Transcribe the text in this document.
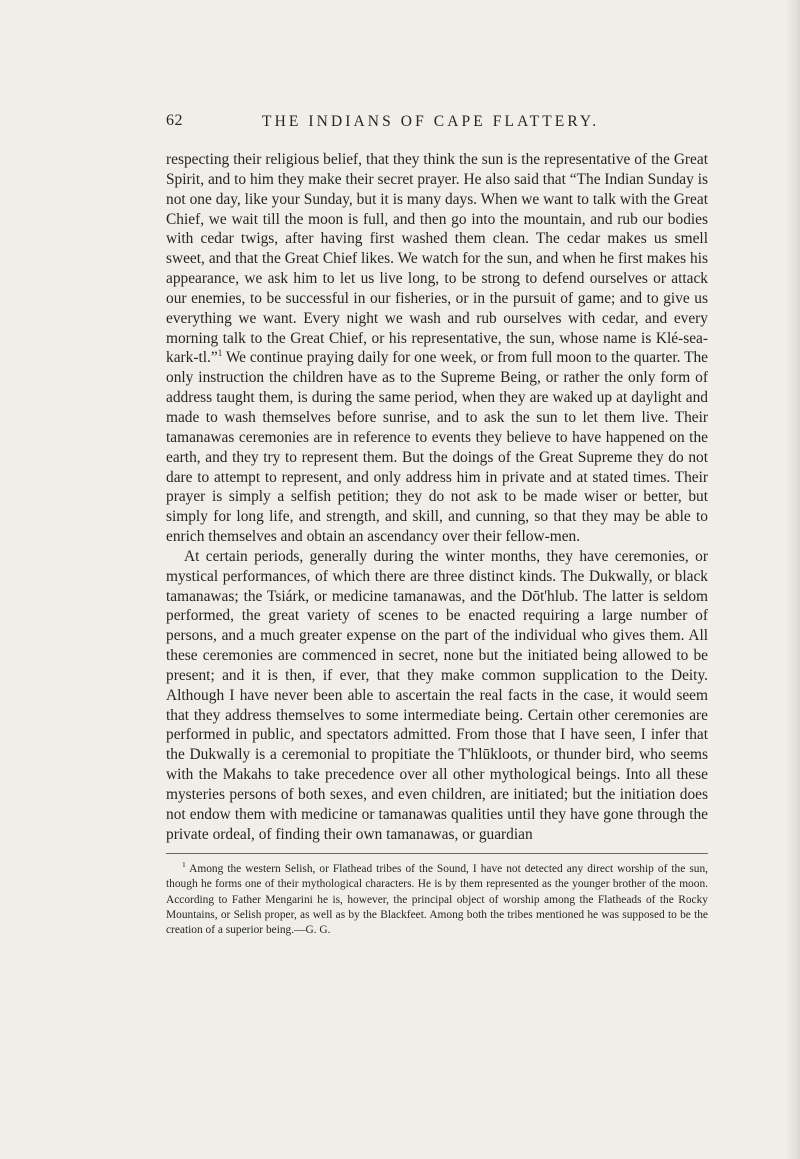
62	THE INDIANS OF CAPE FLATTERY.

respecting their religious belief, that they think the sun is the representative of the Great Spirit, and to him they make their secret prayer. He also said that “The Indian Sunday is not one day, like your Sunday, but it is many days. When we want to talk with the Great Chief, we wait till the moon is full, and then go into the mountain, and rub our bodies with cedar twigs, after having first washed them clean. The cedar makes us smell sweet, and that the Great Chief likes. We watch for the sun, and when he first makes his appearance, we ask him to let us live long, to be strong to defend ourselves or attack our enemies, to be successful in our fisheries, or in the pursuit of game; and to give us everything we want. Every night we wash and rub ourselves with cedar, and every morning talk to the Great Chief, or his representative, the sun, whose name is Klé-sea-kark-tl.”$^1$ We continue praying daily for one week, or from full moon to the quarter. The only instruction the children have as to the Supreme Being, or rather the only form of address taught them, is during the same period, when they are waked up at daylight and made to wash themselves before sunrise, and to ask the sun to let them live. Their tamanawas ceremonies are in reference to events they believe to have happened on the earth, and they try to represent them. But the doings of the Great Supreme they do not dare to attempt to represent, and only address him in private and at stated times. Their prayer is simply a selfish petition; they do not ask to be made wiser or better, but simply for long life, and strength, and skill, and cunning, so that they may be able to enrich themselves and obtain an ascendancy over their fellow-men.

At certain periods, generally during the winter months, they have ceremonies, or mystical performances, of which there are three distinct kinds. The Dukwally, or black tamanawas; the Tsiárk, or medicine tamanawas, and the Dōt'hlub. The latter is seldom performed, the great variety of scenes to be enacted requiring a large number of persons, and a much greater expense on the part of the individual who gives them. All these ceremonies are commenced in secret, none but the initiated being allowed to be present; and it is then, if ever, that they make common supplication to the Deity. Although I have never been able to ascertain the real facts in the case, it would seem that they address themselves to some intermediate being. Certain other ceremonies are performed in public, and spectators admitted. From those that I have seen, I infer that the Dukwally is a ceremonial to propitiate the T'hlūkloots, or thunder bird, who seems with the Makahs to take precedence over all other mythological beings. Into all these mysteries persons of both sexes, and even children, are initiated; but the initiation does not endow them with medicine or tamanawas qualities until they have gone through the private ordeal, of finding their own tamanawas, or guardian

$^1$ Among the western Selish, or Flathead tribes of the Sound, I have not detected any direct worship of the sun, though he forms one of their mythological characters. He is by them represented as the younger brother of the moon. According to Father Mengarini he is, however, the principal object of worship among the Flatheads of the Rocky Mountains, or Selish proper, as well as by the Blackfeet. Among both the tribes mentioned he was supposed to be the creation of a superior being.—G. G.
